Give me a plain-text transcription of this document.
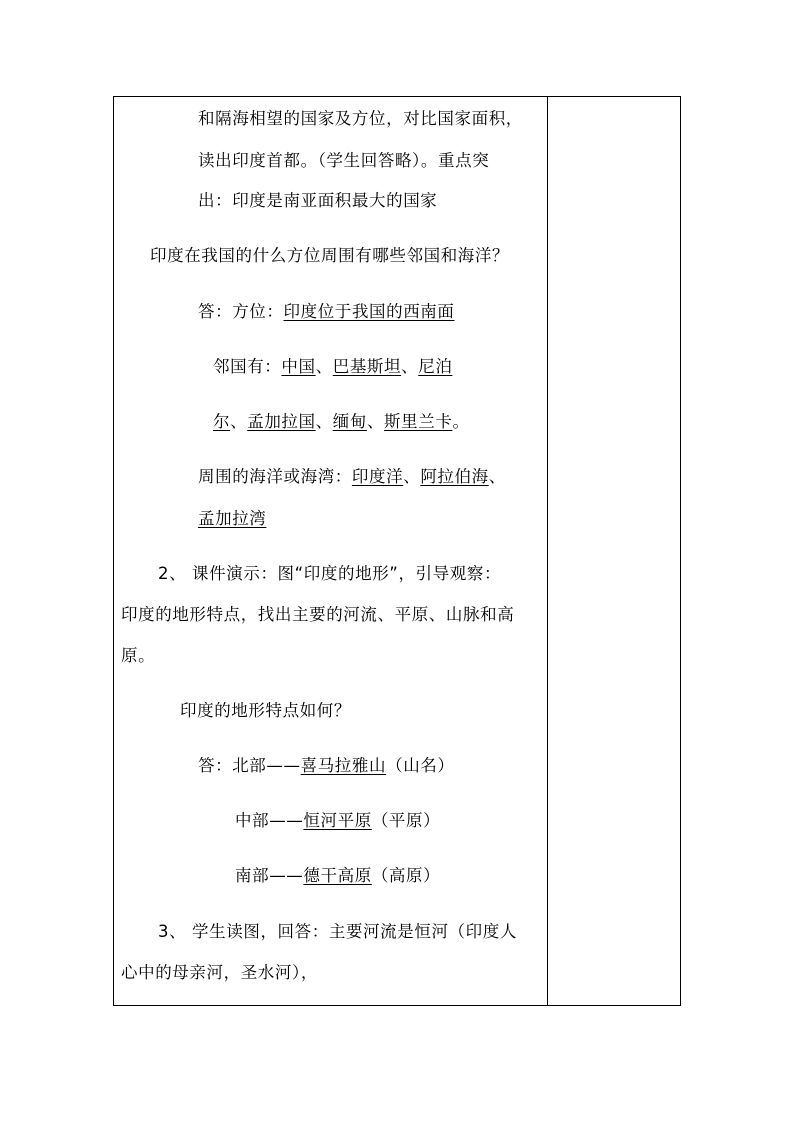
和隔海相望的国家及方位，对比国家面积，
读出印度首都。（学生回答略）。重点突
出：印度是南亚面积最大的国家
印度在我国的什么方位周围有哪些邻国和海洋？
答：方位：印度位于我国的西南面
邻国有：中国、巴基斯坦、尼泊
尔、孟加拉国、缅甸、斯里兰卡。
周围的海洋或海湾：印度洋、阿拉伯海、
孟加拉湾
2、 课件演示：图“印度的地形”，引导观察：
印度的地形特点，找出主要的河流、平原、山脉和高
原。
印度的地形特点如何？
答：北部——喜马拉雅山（山名）
中部——恒河平原（平原）
南部——德干高原（高原）
3、 学生读图，回答：主要河流是恒河（印度人
心中的母亲河，圣水河），
